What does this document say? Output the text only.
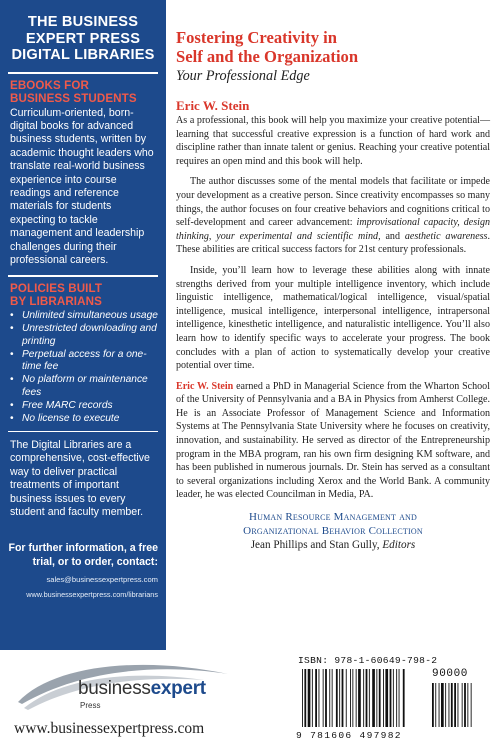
THE BUSINESS
EXPERT PRESS
DIGITAL LIBRARIES
EBOOKS FOR
BUSINESS STUDENTS
Curriculum-oriented, born-digital books for advanced business students, written by academic thought leaders who translate real-world business experience into course readings and reference materials for students expecting to tackle management and leadership challenges during their professional careers.
POLICIES BUILT
BY LIBRARIANS
• Unlimited simultaneous usage
• Unrestricted downloading and printing
• Perpetual access for a one-time fee
• No platform or maintenance fees
• Free MARC records
• No license to execute
The Digital Libraries are a comprehensive, cost-effective way to deliver practical treatments of important business issues to every student and faculty member.
For further information, a free trial, or to order, contact:
sales@businessexpertpress.com
www.businessexpertpress.com/librarians
Fostering Creativity in
Self and the Organization
Your Professional Edge
Eric W. Stein

As a professional, this book will help you maximize your creative potential—learning that successful creative expression is a function of hard work and discipline rather than innate talent or genius. Reaching your creative potential requires an open mind and this book will help.

The author discusses some of the mental models that facilitate or impede your development as a creative person. Since creativity encompasses so many things, the author focuses on four creative behaviors and cognitions critical to self-development and career advancement: improvisational capacity, design thinking, your experimental and scientific mind, and aesthetic awareness. These abilities are critical success factors for 21st century professionals.

Inside, you’ll learn how to leverage these abilities along with innate strengths derived from your multiple intelligence inventory, which include linguistic intelligence, mathematical/logical intelligence, visual/spatial intelligence, musical intelligence, interpersonal intelligence, intrapersonal intelligence, kinesthetic intelligence, and naturalistic intelligence. You’ll also learn how to identify specific ways to accelerate your progress. The book concludes with a plan of action to systematically develop your creative potential over time.

Eric W. Stein earned a PhD in Managerial Science from the Wharton School of the University of Pennsylvania and a BA in Physics from Amherst College. He is an Associate Professor of Management Science and Information Systems at The Pennsylvania State University where he focuses on creativity, innovation, and sustainability. He served as director of the Entrepreneurship program in the MBA program, ran his own firm designing KM software, and has been published in numerous journals. Dr. Stein has served as a consultant to several organizations including Xerox and the World Bank. A community leader, he was elected Councilman in Media, PA.
Human Resource Management and
Organizational Behavior Collection
Jean Phillips and Stan Gully, Editors
businessexpert
Press
www.businessexpertpress.com
ISBN: 978-1-60649-798-2
90000
9 781606 497982
